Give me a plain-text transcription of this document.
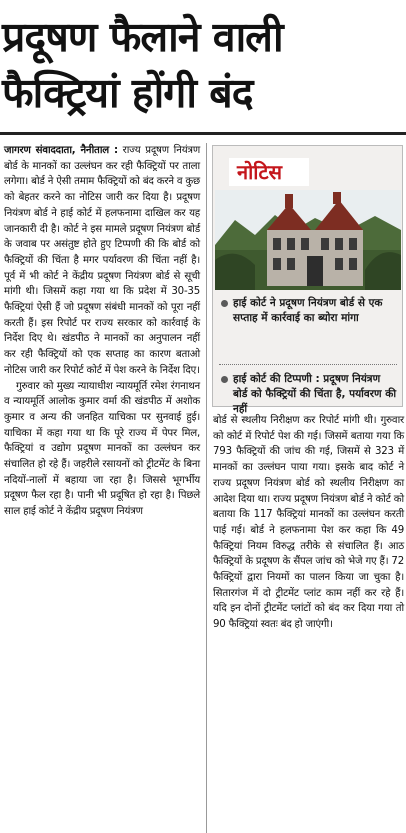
प्रदूषण फैलाने वाली
फैक्ट्रियां होंगी बंद

जागरण संवाददाता, नैनीताल : राज्य प्रदूषण नियंत्रण बोर्ड के मानकों का उल्लंघन कर रही फैक्ट्रियों पर ताला लगेगा। बोर्ड ने ऐसी तमाम फैक्ट्रियों को बंद करने व कुछ को बेहतर करने का नोटिस जारी कर दिया है। प्रदूषण नियंत्रण बोर्ड ने हाई कोर्ट में हलफनामा दाखिल कर यह जानकारी दी है। कोर्ट ने इस मामले प्रदूषण नियंत्रण बोर्ड के जवाब पर असंतुष्ट होते हुए टिप्पणी की कि बोर्ड को फैक्ट्रियों की चिंता है मगर पर्यावरण की चिंता नहीं है। पूर्व में भी कोर्ट ने केंद्रीय प्रदूषण नियंत्रण बोर्ड से सूची मांगी थी। जिसमें कहा गया था कि प्रदेश में 30-35 फैक्ट्रियां ऐसी हैं जो प्रदूषण संबंधी मानकों को पूरा नहीं करती हैं। इस रिपोर्ट पर राज्य सरकार को कार्रवाई के निर्देश दिए थे। खंडपीठ ने मानकों का अनुपालन नहीं कर रही फैक्ट्रियों को एक सप्ताह का कारण बताओ नोटिस जारी कर रिपोर्ट कोर्ट में पेश करने के निर्देश दिए।

गुरुवार को मुख्य न्यायाधीश न्यायमूर्ति रमेश रंगनाथन व न्यायमूर्ति आलोक कुमार वर्मा की खंडपीठ में अशोक कुमार व अन्य की जनहित याचिका पर सुनवाई हुई। याचिका में कहा गया था कि पूरे राज्य में पेपर मिल, फैक्ट्रियां व उद्योग प्रदूषण मानकों का उल्लंघन कर संचालित हो रहे हैं। जहरीले रसायनों को ट्रीटमेंट के बिना नदियों-नालों में बहाया जा रहा है। जिससे भूगर्भीय प्रदूषण फैल रहा है। पानी भी प्रदूषित हो रहा है। पिछले साल हाई कोर्ट ने केंद्रीय प्रदूषण नियंत्रण

नोटिस
हाई कोर्ट ने प्रदूषण नियंत्रण बोर्ड से एक सप्ताह में कार्रवाई का ब्योरा मांगा
हाई कोर्ट की टिप्पणी : प्रदूषण नियंत्रण बोर्ड को फैक्ट्रियों की चिंता है, पर्यावरण की नहीं

बोर्ड से स्थलीय निरीक्षण कर रिपोर्ट मांगी थी। गुरुवार को कोर्ट में रिपोर्ट पेश की गई। जिसमें बताया गया कि 793 फैक्ट्रियों की जांच की गई, जिसमें से 323 में मानकों का उल्लंघन पाया गया। इसके बाद कोर्ट ने राज्य प्रदूषण नियंत्रण बोर्ड को स्थलीय निरीक्षण का आदेश दिया था। राज्य प्रदूषण नियंत्रण बोर्ड ने कोर्ट को बताया कि 117 फैक्ट्रियां मानकों का उल्लंघन करती पाई गई। बोर्ड ने हलफनामा पेश कर कहा कि 49 फैक्ट्रियां नियम विरुद्ध तरीके से संचालित हैं। आठ फैक्ट्रियों के प्रदूषण के सैंपल जांच को भेजे गए हैं। 72 फैक्ट्रियों द्वारा नियमों का पालन किया जा चुका है। सितारगंज में दो ट्रीटमेंट प्लांट काम नहीं कर रहे हैं। यदि इन दोनों ट्रीटमेंट प्लांटों को बंद कर दिया गया तो 90 फैक्ट्रियां स्वतः बंद हो जाएंगी।
